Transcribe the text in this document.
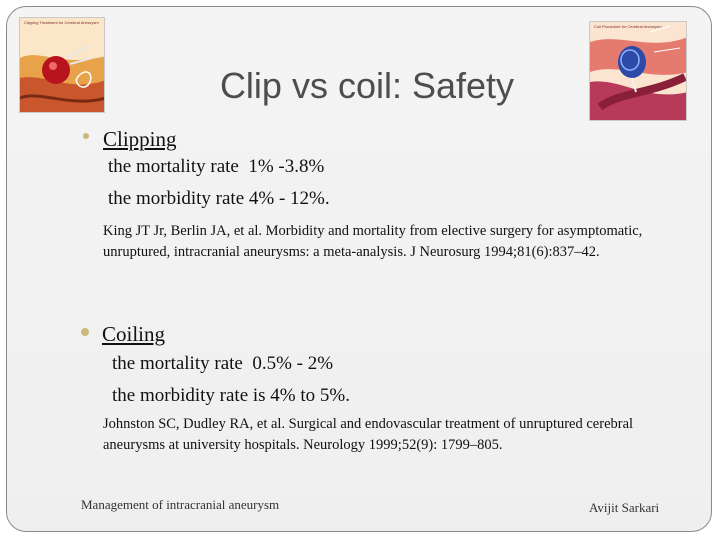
Clipping Treatment for Cerebral Aneurysm
Coil Procedure for Cerebral Aneurysm
Clip vs coil: Safety
Clipping
the mortality rate  1% -3.8%
the morbidity rate 4% - 12%.
King JT Jr, Berlin JA, et al. Morbidity and mortality from elective surgery for asymptomatic, unruptured, intracranial aneurysms: a meta-analysis. J Neurosurg 1994;81(6):837–42.
Coiling
the mortality rate  0.5% - 2%
the morbidity rate is 4% to 5%.
Johnston SC, Dudley RA, et al. Surgical and endovascular treatment of unruptured cerebral aneurysms at university hospitals. Neurology 1999;52(9): 1799–805.
Management of intracranial aneurysm	Avijit Sarkari
